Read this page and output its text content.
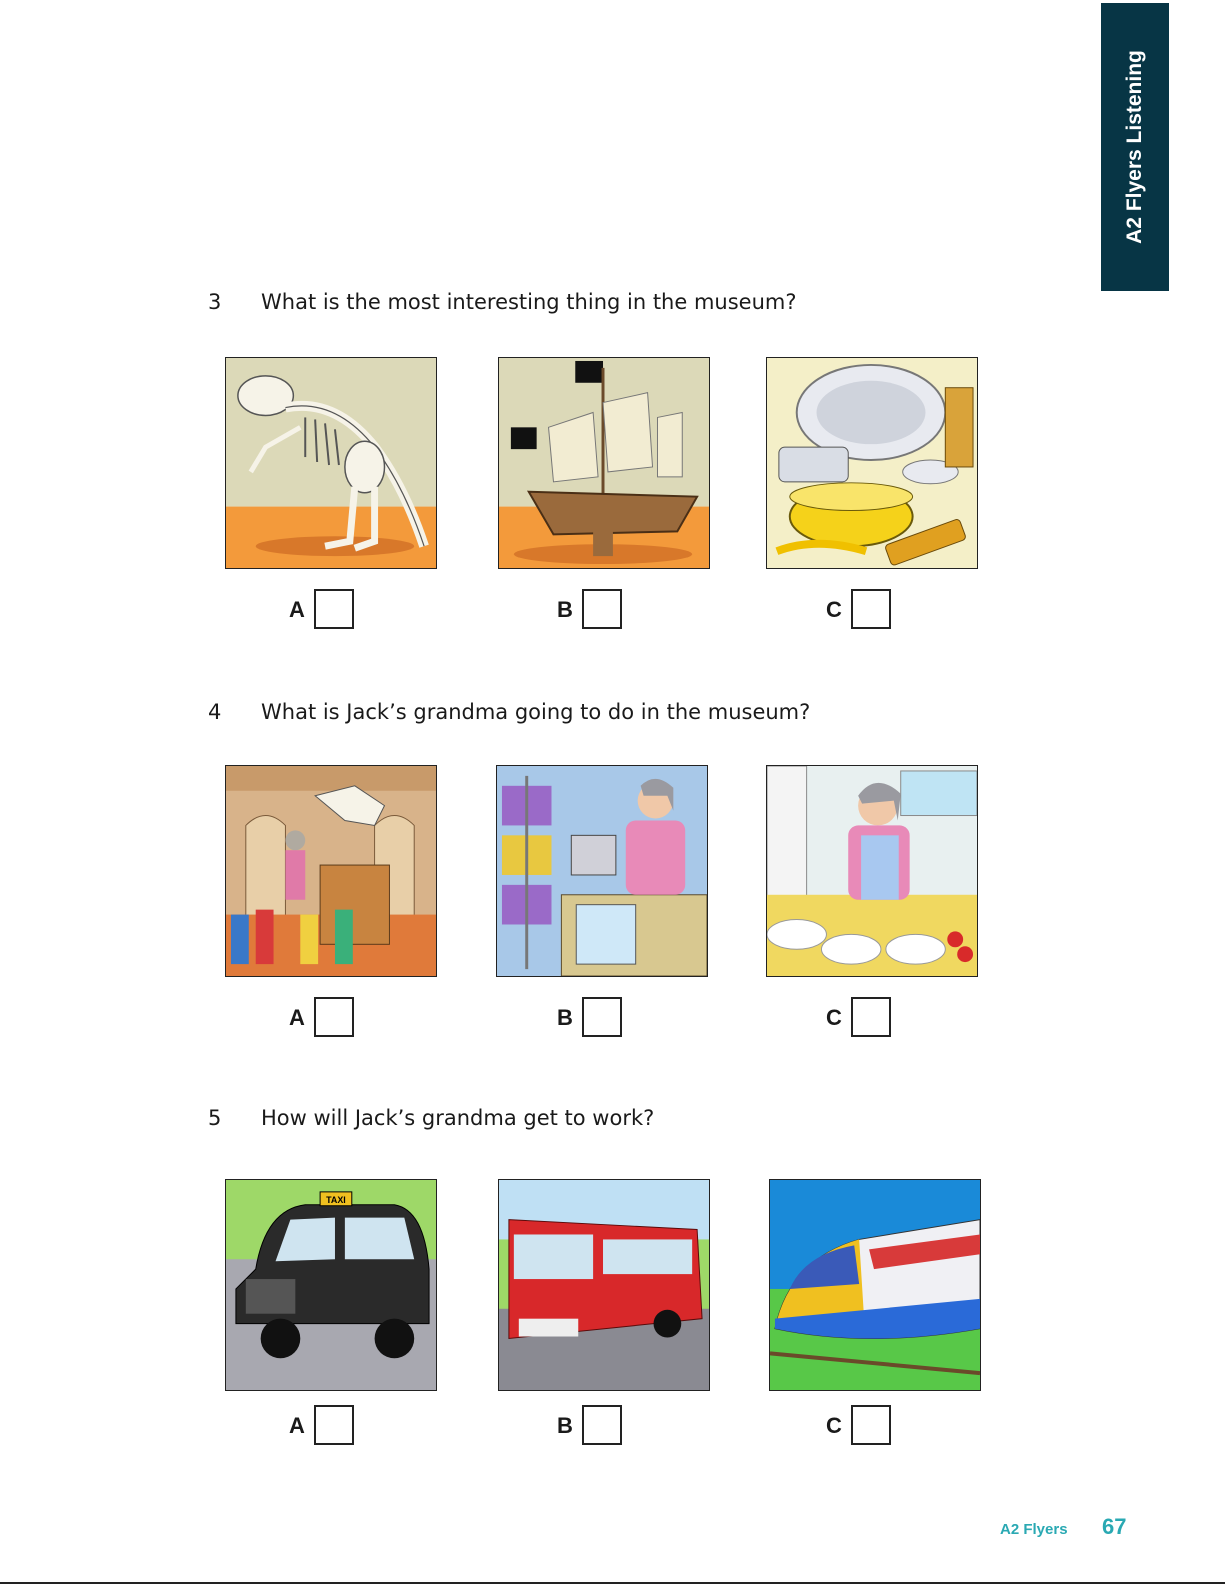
A2 Flyers Listening
3 What is the most interesting thing in the museum?
A	B	C
4 What is Jack’s grandma going to do in the museum?
A	B	C
5 How will Jack’s grandma get to work?
TAXI
A	B	C
A2 Flyers 67
